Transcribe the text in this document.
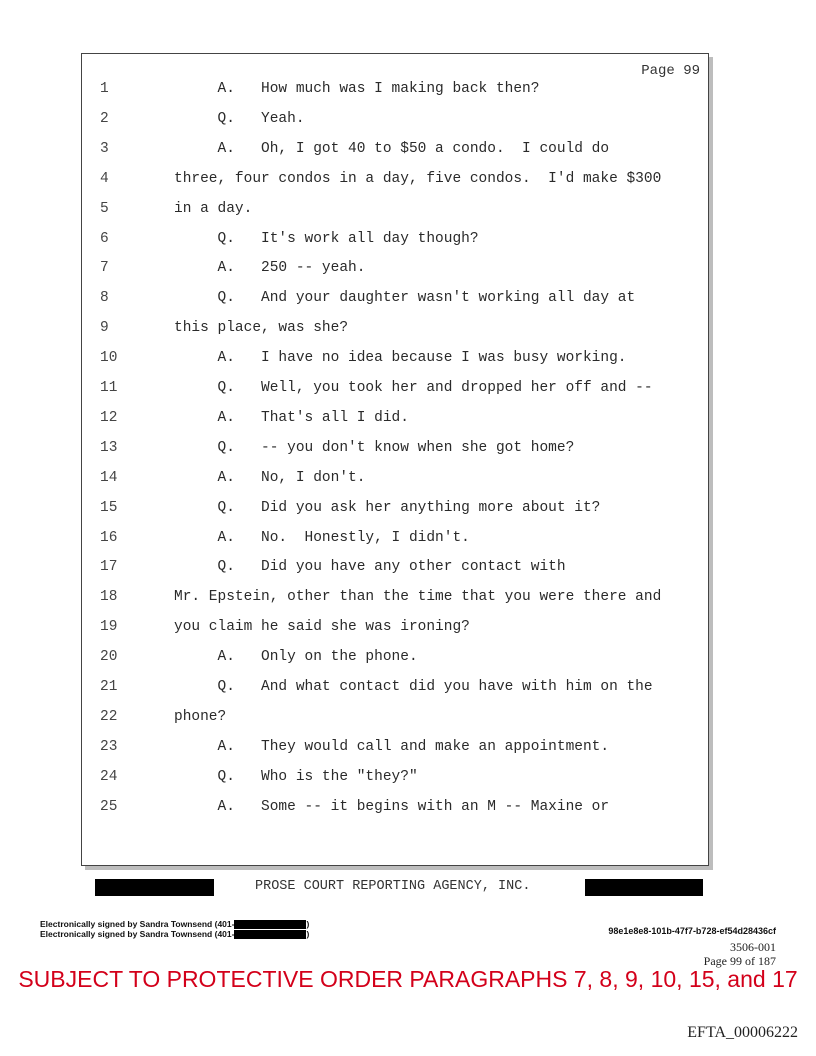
Page 99
1	A.   How much was I making back then?
2	Q.   Yeah.
3	A.   Oh, I got 40 to $50 a condo.  I could do
4	three, four condos in a day, five condos.  I'd make $300
5	in a day.
6	Q.   It's work all day though?
7	A.   250 -- yeah.
8	Q.   And your daughter wasn't working all day at
9	this place, was she?
10	A.   I have no idea because I was busy working.
11	Q.   Well, you took her and dropped her off and --
12	A.   That's all I did.
13	Q.   -- you don't know when she got home?
14	A.   No, I don't.
15	Q.   Did you ask her anything more about it?
16	A.   No.  Honestly, I didn't.
17	Q.   Did you have any other contact with
18	Mr. Epstein, other than the time that you were there and
19	you claim he said she was ironing?
20	A.   Only on the phone.
21	Q.   And what contact did you have with him on the
22	phone?
23	A.   They would call and make an appointment.
24	Q.   Who is the "they?"
25	A.   Some -- it begins with an M -- Maxine or
PROSE COURT REPORTING AGENCY, INC.
Electronically signed by Sandra Townsend (401-	)
Electronically signed by Sandra Townsend (401-	)	98e1e8e8-101b-47f7-b728-ef54d28436cf
3506-001
Page 99 of 187
SUBJECT TO PROTECTIVE ORDER PARAGRAPHS 7, 8, 9, 10, 15, and 17
EFTA_00006222
